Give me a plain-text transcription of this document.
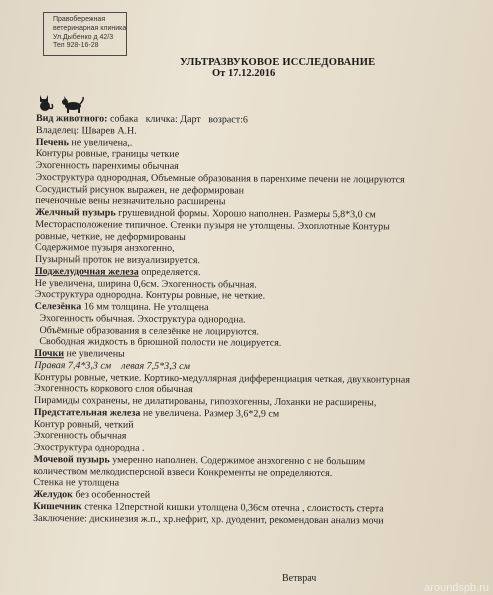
Правобережная
ветеринарная клиника
Ул.Дыбенко д 42/3
Тел 928-16-28
УЛЬТРАЗВУКОВОЕ ИССЛЕДОВАНИЕ
От 17.12.2016
Вид животного: собака кличка: Дарт возраст:6
Владелец: Шварев А.Н.
Печень не увеличена,.
Контуры ровные, границы четкие
Эхогенность паренхимы обычная
Эхоструктура однородная, Объемные образования в паренхиме печени не лоцируются
Сосудистый рисунок выражен, не деформирован
печеночные вены незначительно расширены
Желчный пузырь грушевидной формы. Хорошо наполнен. Размеры 5,8*3,0 см
Месторасположение типичное. Стенки пузыря не утолщены. Эхоплотные Контуры
ровные, четкие, не деформированы
Содержимое пузыря анэхогенно,
Пузырный проток не визуализируется.
Поджелудочная железа определяется.
Не увеличена, ширина 0,6см. Эхогенность обычная.
Эхоструктура однородна. Контуры ровные, не четкие.
Селезёнка 16 мм толщина. Не утолщена
Эхогенность обычная. Эхоструктура однородна.
Объёмные образования в селезёнке не лоцируются.
Свободная жидкость в брюшной полости не лоцируется.
Почки не увеличены
Правая 7,4*3,3 см левая 7,5*3,3 см
Контуры ровные, четкие. Кортико-медуллярная дифференциация четкая, двухконтурная
Эхогенность коркового слоя обычная
Пирамиды сохранены, не дилатированы, гипоэхогенны, Лоханки не расширены,
Предстательная железа не увеличена. Размер 3,6*2,9 см
Контур ровный, четкий
Эхогенность обычная
Эхоструктура однородна .
Мочевой пузырь умеренно наполнен. Содержимое анэхогенно с не большим
количеством мелкодисперсной взвеси Конкременты не определяются.
Стенка не утолщена
Желудок без особенностей
Кишечник стенка 12перстной кишки утолщена 0,36см отечна , слоистость стерта
Заключение: дискинезия ж.п., хр.нефрит, хр. дуоденит, рекомендован анализ мочи
Ветврач
aroundspb.ru
